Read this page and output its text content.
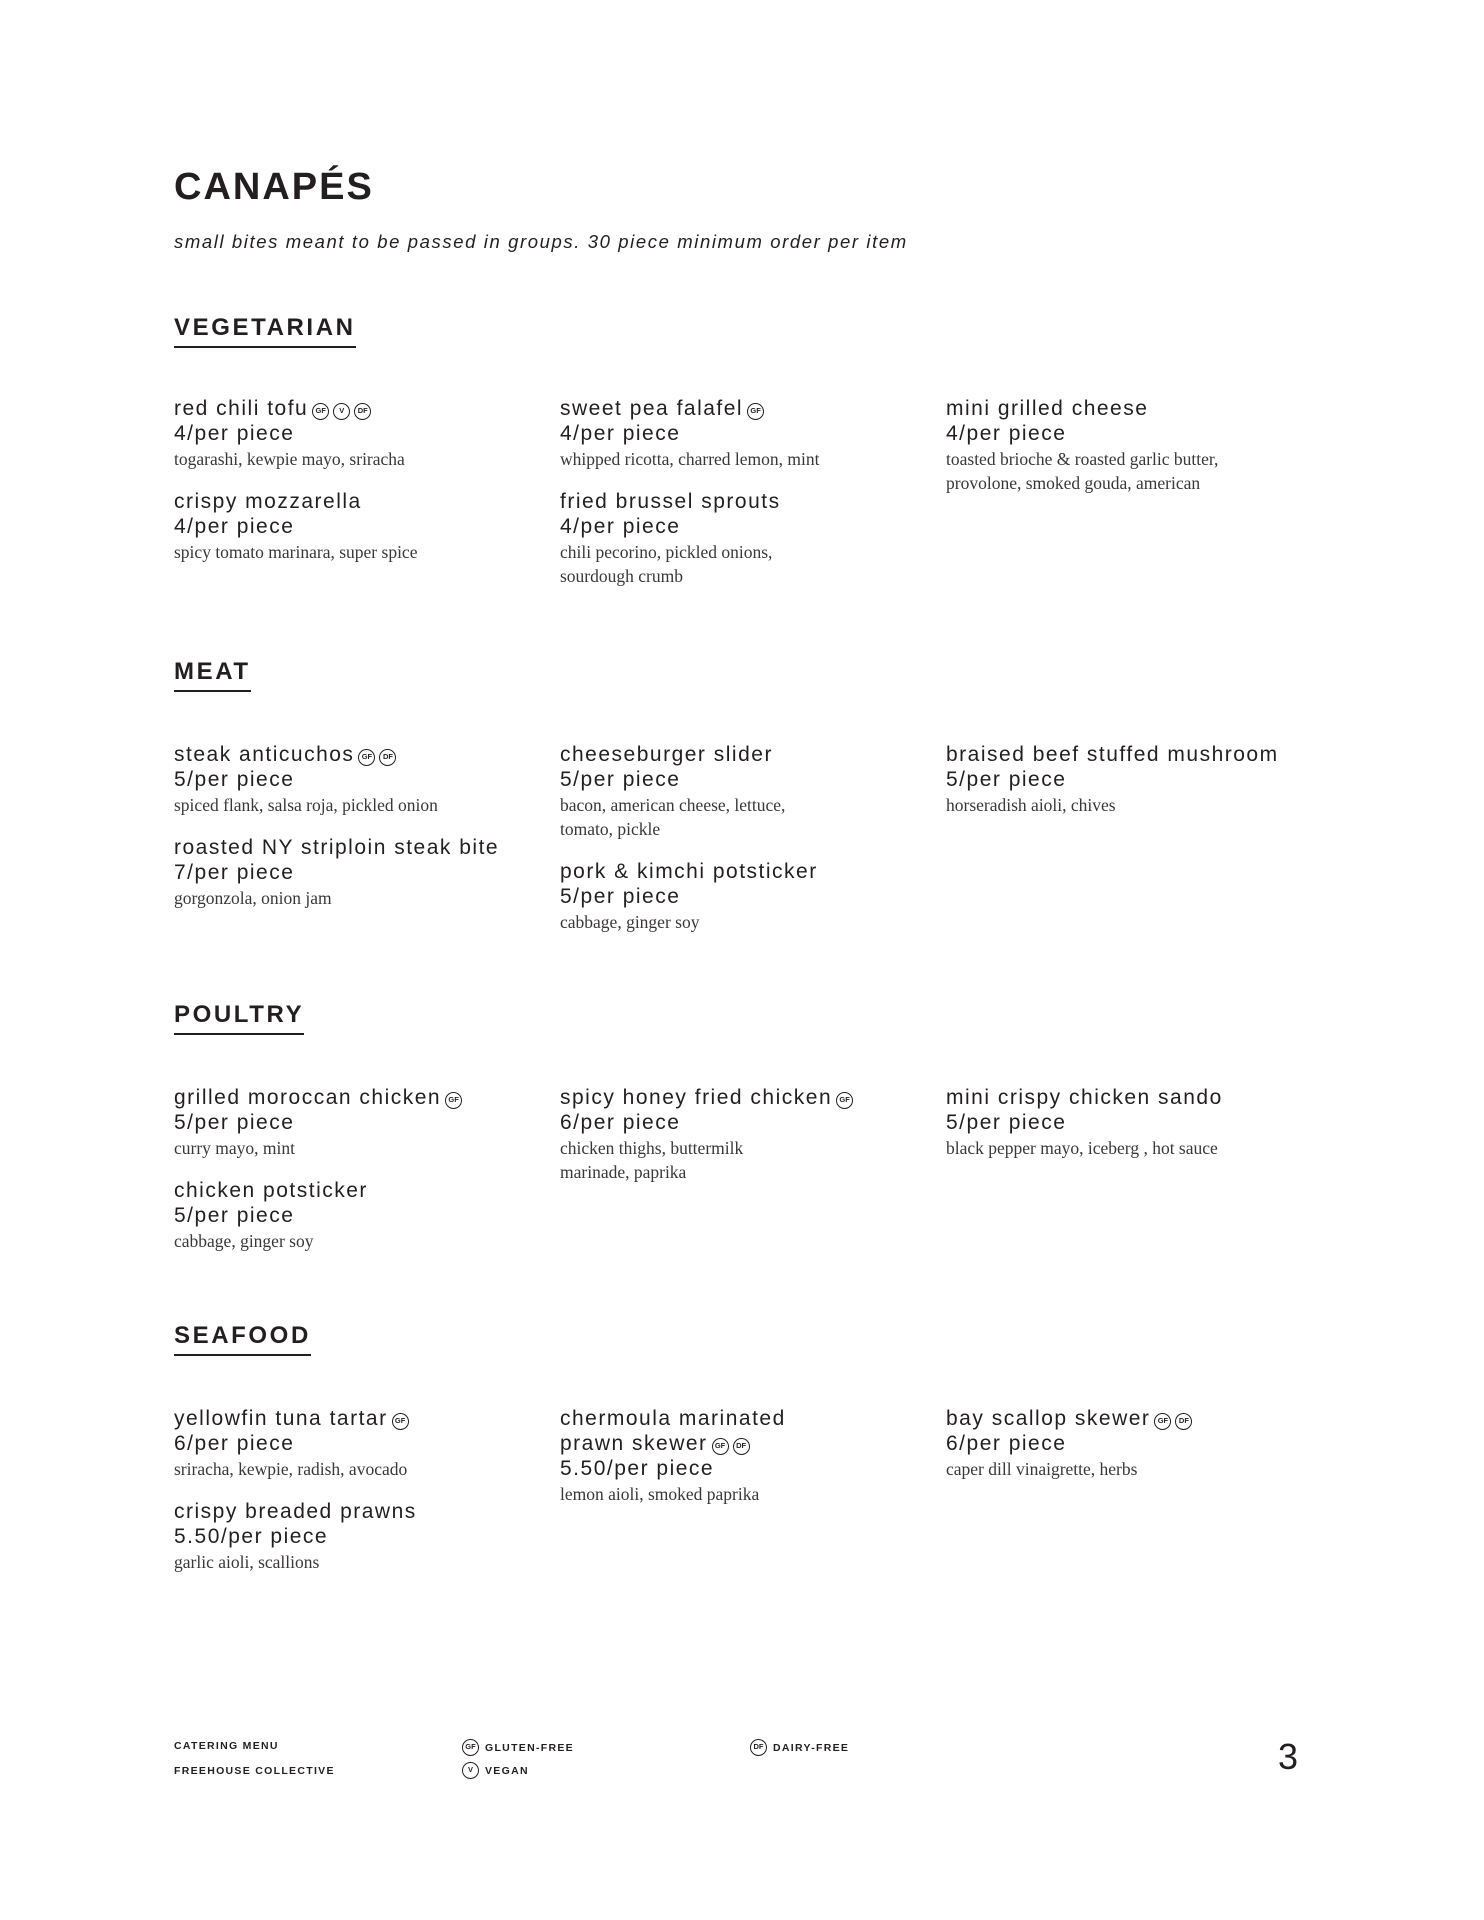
CANAPÉS
small bites meant to be passed in groups. 30 piece minimum order per item
VEGETARIAN
red chili tofu GF V DF
4/per piece
togarashi, kewpie mayo, sriracha
crispy mozzarella
4/per piece
spicy tomato marinara, super spice
sweet pea falafel GF
4/per piece
whipped ricotta, charred lemon, mint
fried brussel sprouts
4/per piece
chili pecorino, pickled onions, sourdough crumb
mini grilled cheese
4/per piece
toasted brioche & roasted garlic butter, provolone, smoked gouda, american
MEAT
steak anticuchos GF DF
5/per piece
spiced flank, salsa roja, pickled onion
roasted NY striploin steak bite
7/per piece
gorgonzola, onion jam
cheeseburger slider
5/per piece
bacon, american cheese, lettuce, tomato, pickle
pork & kimchi potsticker
5/per piece
cabbage, ginger soy
braised beef stuffed mushroom
5/per piece
horseradish aioli, chives
POULTRY
grilled moroccan chicken GF
5/per piece
curry mayo, mint
chicken potsticker
5/per piece
cabbage, ginger soy
spicy honey fried chicken GF
6/per piece
chicken thighs, buttermilk marinade, paprika
mini crispy chicken sando
5/per piece
black pepper mayo, iceberg , hot sauce
SEAFOOD
yellowfin tuna tartar GF
6/per piece
sriracha, kewpie, radish, avocado
crispy breaded prawns
5.50/per piece
garlic aioli, scallions
chermoula marinated
prawn skewer GF DF
5.50/per piece
lemon aioli, smoked paprika
bay scallop skewer GF DF
6/per piece
caper dill vinaigrette, herbs
CATERING MENU
FREEHOUSE COLLECTIVE
GF GLUTEN-FREE
V	VEGAN
DF DAIRY-FREE	3
